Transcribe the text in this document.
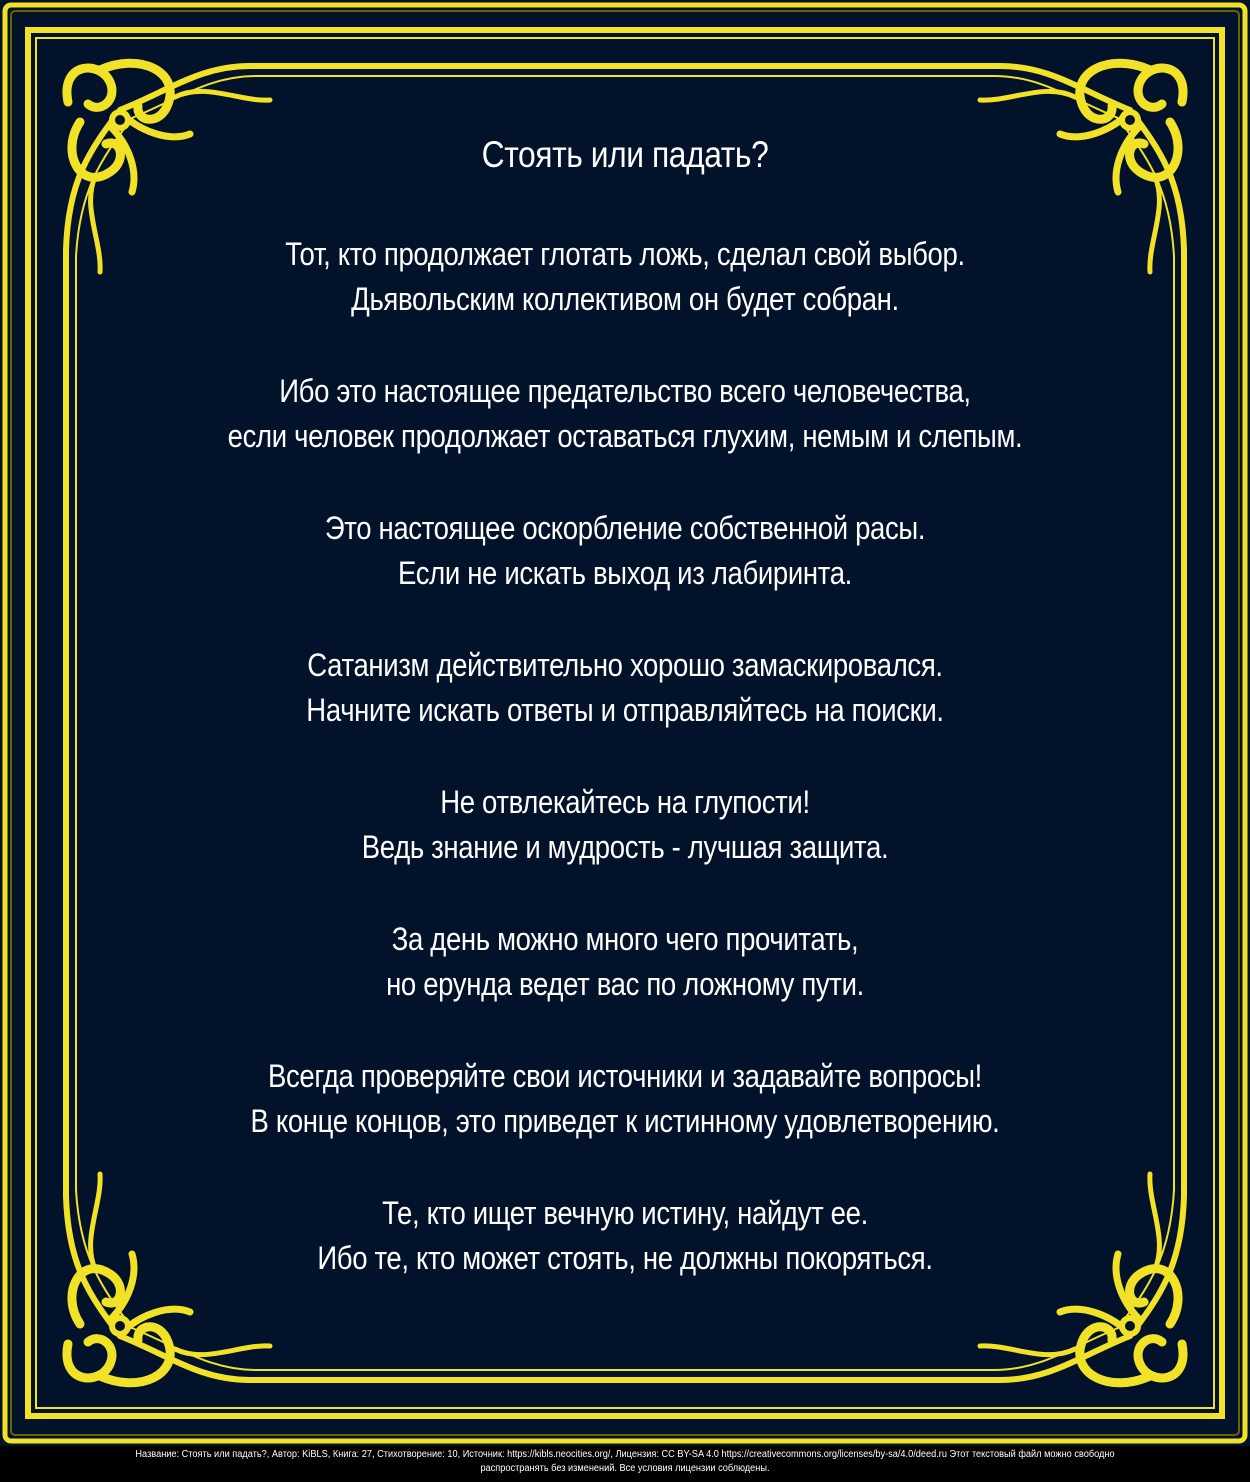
Стоять или падать?
Тот, кто продолжает глотать ложь, сделал свой выбор.
Дьявольским коллективом он будет собран.
Ибо это настоящее предательство всего человечества,
если человек продолжает оставаться глухим, немым и слепым.
Это настоящее оскорбление собственной расы.
Если не искать выход из лабиринта.
Сатанизм действительно хорошо замаскировался.
Начните искать ответы и отправляйтесь на поиски.
Не отвлекайтесь на глупости!
Ведь знание и мудрость - лучшая защита.
За день можно много чего прочитать,
но ерунда ведет вас по ложному пути.
Всегда проверяйте свои источники и задавайте вопросы!
В конце концов, это приведет к истинному удовлетворению.
Те, кто ищет вечную истину, найдут ее.
Ибо те, кто может стоять, не должны покоряться.
Название: Стоять или падать?, Автор: KiBLS, Книга: 27, Стихотворение: 10, Источник: https://kibls.neocities.org/, Лицензия: CC BY-SA 4.0 https://creativecommons.org/licenses/by-sa/4.0/deed.ru Этот текстовый файл можно свободно
распространять без изменений. Все условия лицензии соблюдены.
